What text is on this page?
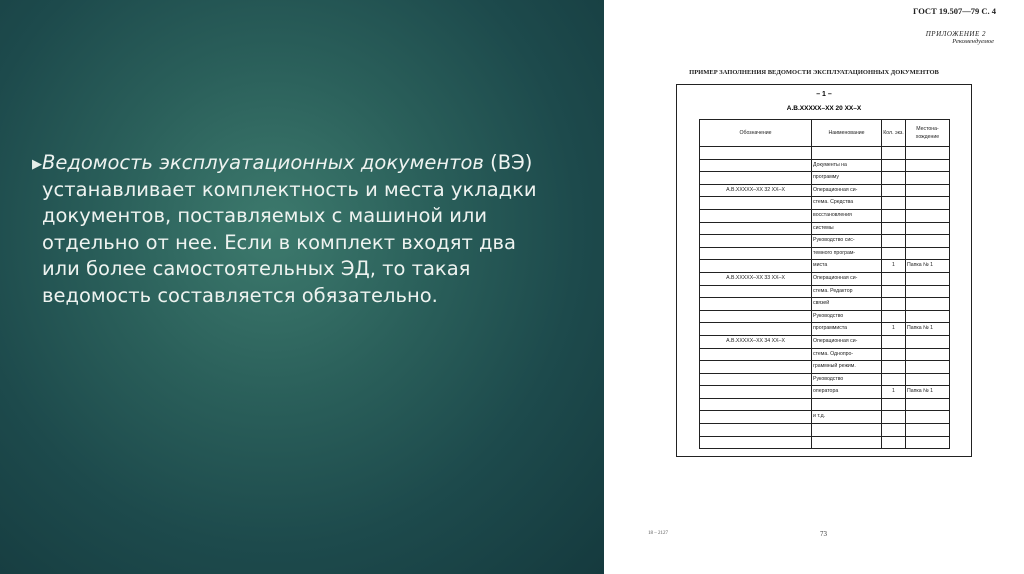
▶ Ведомость эксплуатационных документов (ВЭ) устанавливает комплектность и места укладки документов, поставляемых с машиной или отдельно от нее. Если в комплект входят два или более самостоятельных ЭД, то такая ведомость составляется обязательно.
ГОСТ 19.507—79 С. 4
ПРИЛОЖЕНИЕ 2
Рекомендуемое
ПРИМЕР ЗАПОЛНЕНИЯ ВЕДОМОСТИ ЭКСПЛУАТАЦИОННЫХ ДОКУМЕНТОВ
– 1 –
А.В.XXXXX–XX 20 XX–X
Обозначение	Наименование	Кол. экз.	Местона- хождение

	Документы на		
	программу		
А.В.XXXXX–XX 32 XX–X	Операционная си-		
	стема. Средства		
	восстановления		
	системы		
	Руководство сис-		
	темного програм-		
	миста	1	Папка № 1
А.В.XXXXX–XX 33 XX–X	Операционная си-		
	стема. Редактор		
	связей		
	Руководство		
	программиста	1	Папка № 1
А.В.XXXXX–XX 34 XX–X	Операционная си-		
	стема. Однопро-		
	граммный режим.		
	Руководство		
	оператора	1	Папка № 1

	и т.д.		

18 – 2127	73
